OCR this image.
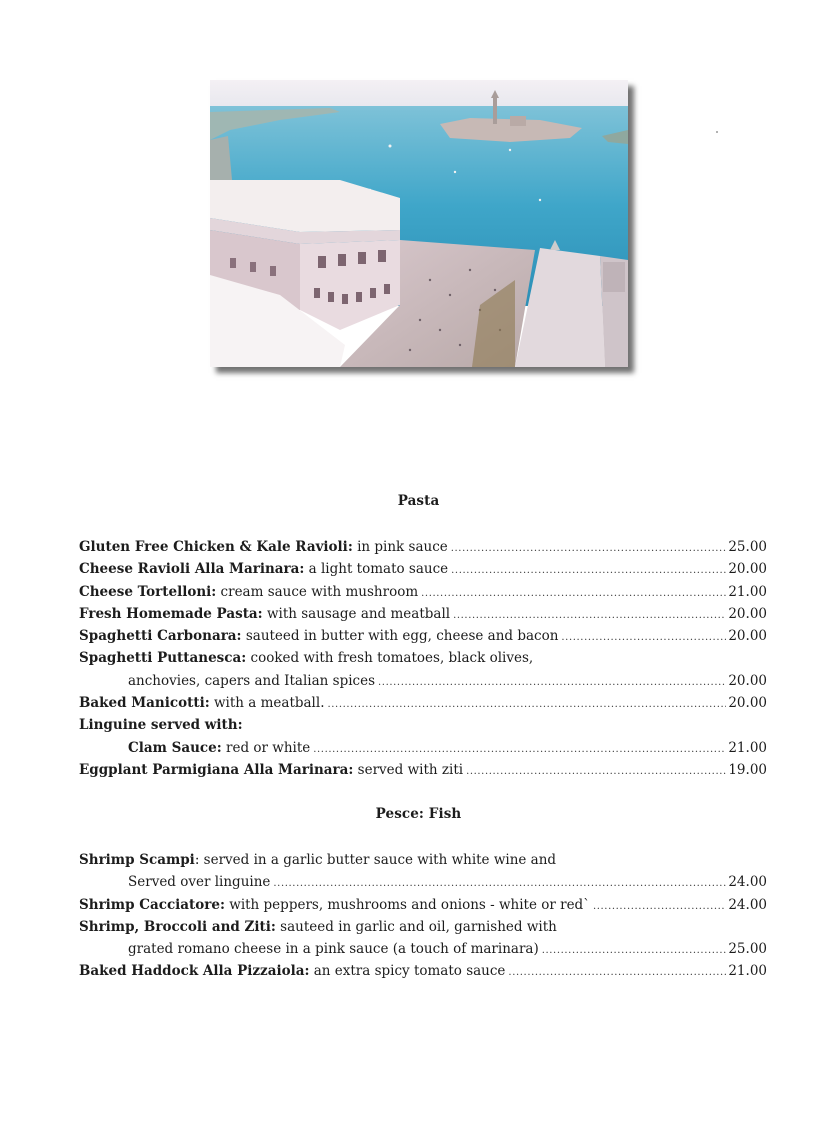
Pasta
Gluten Free Chicken & Kale Ravioli: in pink sauce .....	25.00
Cheese Ravioli Alla Marinara: a light tomato sauce .....	20.00
Cheese Tortelloni: cream sauce with mushroom .....	21.00
Fresh Homemade Pasta: with sausage and meatball .....	20.00
Spaghetti Carbonara: sauteed in butter with egg, cheese and bacon .....	20.00
Spaghetti Puttanesca: cooked with fresh tomatoes, black olives,
anchovies, capers and Italian spices .....	20.00
Baked Manicotti: with a meatball. .....	20.00
Linguine served with:
Clam Sauce: red or white .....	21.00
Eggplant Parmigiana Alla Marinara: served with ziti .....	19.00
Pesce: Fish
Shrimp Scampi : served in a garlic butter sauce with white wine and
Served over linguine .....	24.00
Shrimp Cacciatore: with peppers, mushrooms and onions - white or red` .....	24.00
Shrimp, Broccoli and Ziti: sauteed in garlic and oil, garnished with
grated romano cheese in a pink sauce (a touch of marinara) .....	25.00
Baked Haddock Alla Pizzaiola: an extra spicy tomato sauce .....	21.00
